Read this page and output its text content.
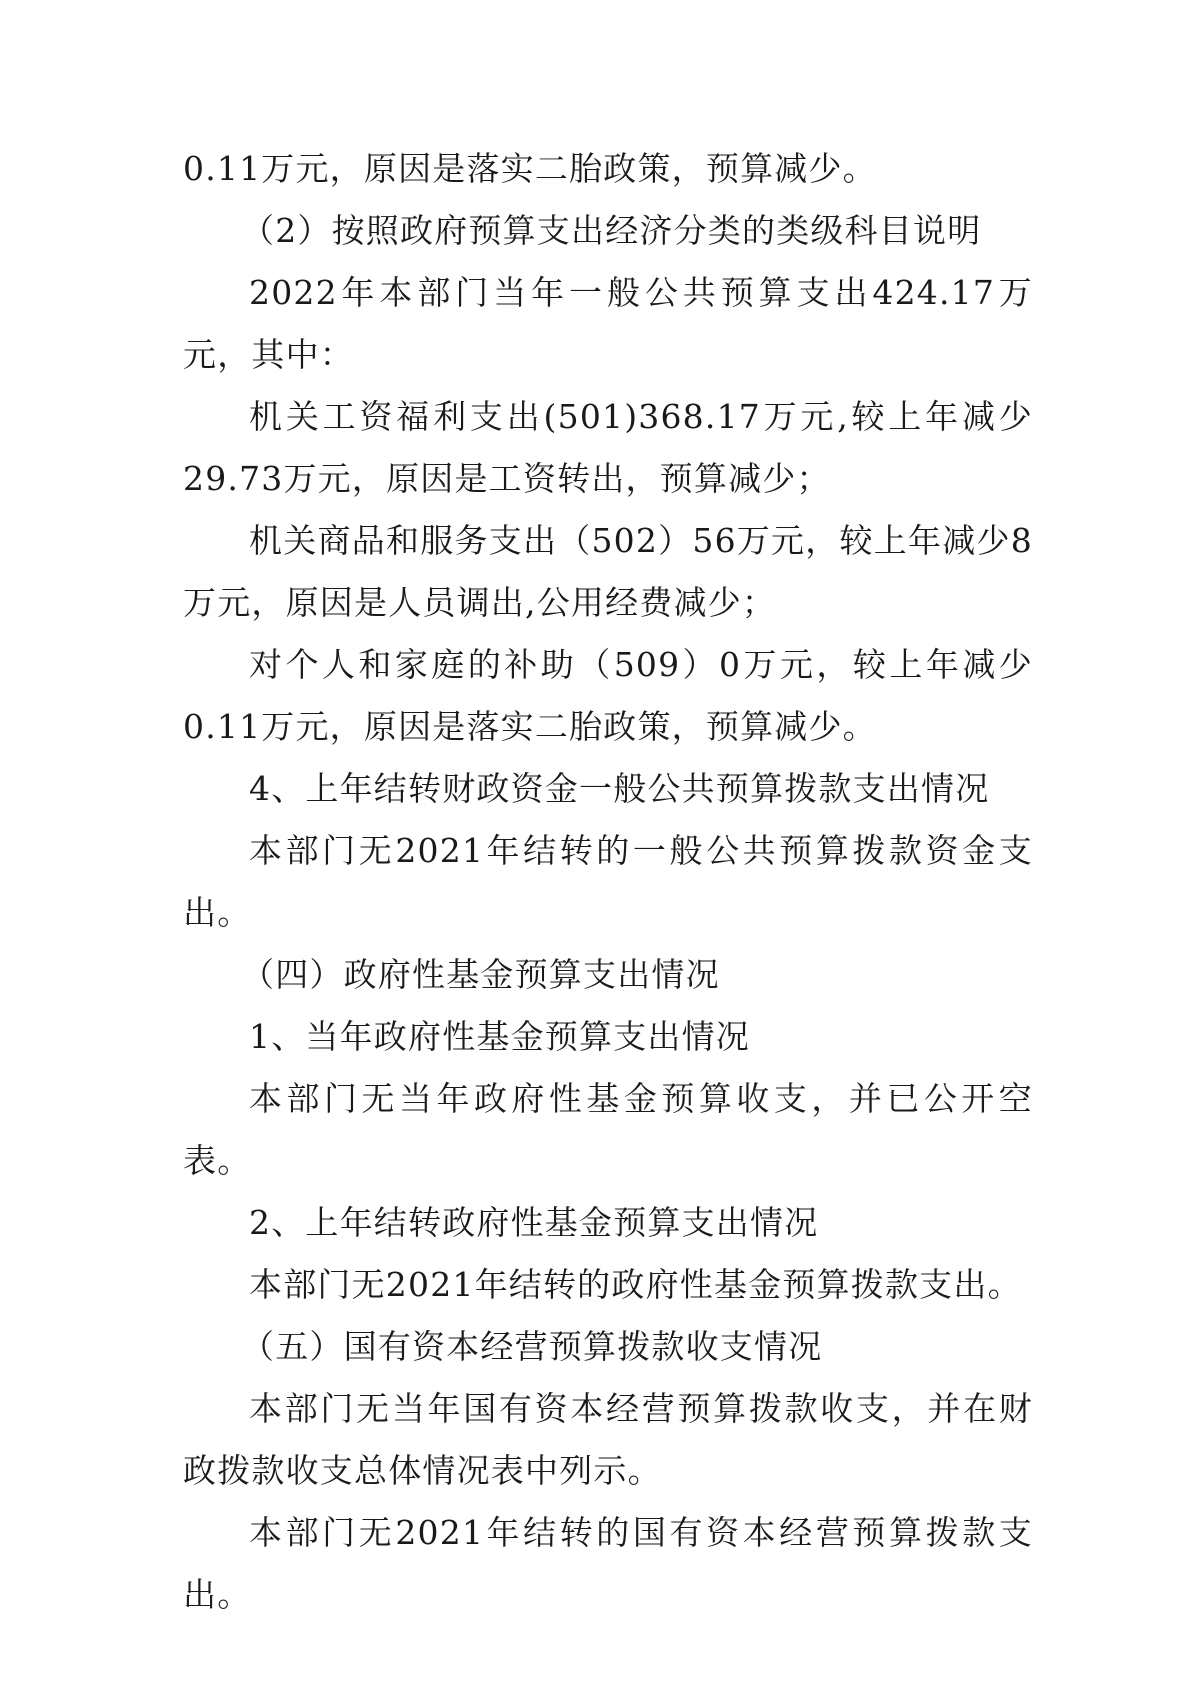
0.11万元，原因是落实二胎政策，预算减少。

（2）按照政府预算支出经济分类的类级科目说明

2022年本部门当年一般公共预算支出424.17万元，其中：

机关工资福利支出(501)368.17万元,较上年减少29.73万元，原因是工资转出，预算减少；

机关商品和服务支出（502）56万元，较上年减少8万元，原因是人员调出,公用经费减少；

对个人和家庭的补助（509）0万元，较上年减少0.11万元，原因是落实二胎政策，预算减少。

4、上年结转财政资金一般公共预算拨款支出情况

本部门无2021年结转的一般公共预算拨款资金支出。

（四）政府性基金预算支出情况

1、当年政府性基金预算支出情况

本部门无当年政府性基金预算收支，并已公开空表。

2、上年结转政府性基金预算支出情况

本部门无2021年结转的政府性基金预算拨款支出。

（五）国有资本经营预算拨款收支情况

本部门无当年国有资本经营预算拨款收支，并在财政拨款收支总体情况表中列示。

本部门无2021年结转的国有资本经营预算拨款支出。
